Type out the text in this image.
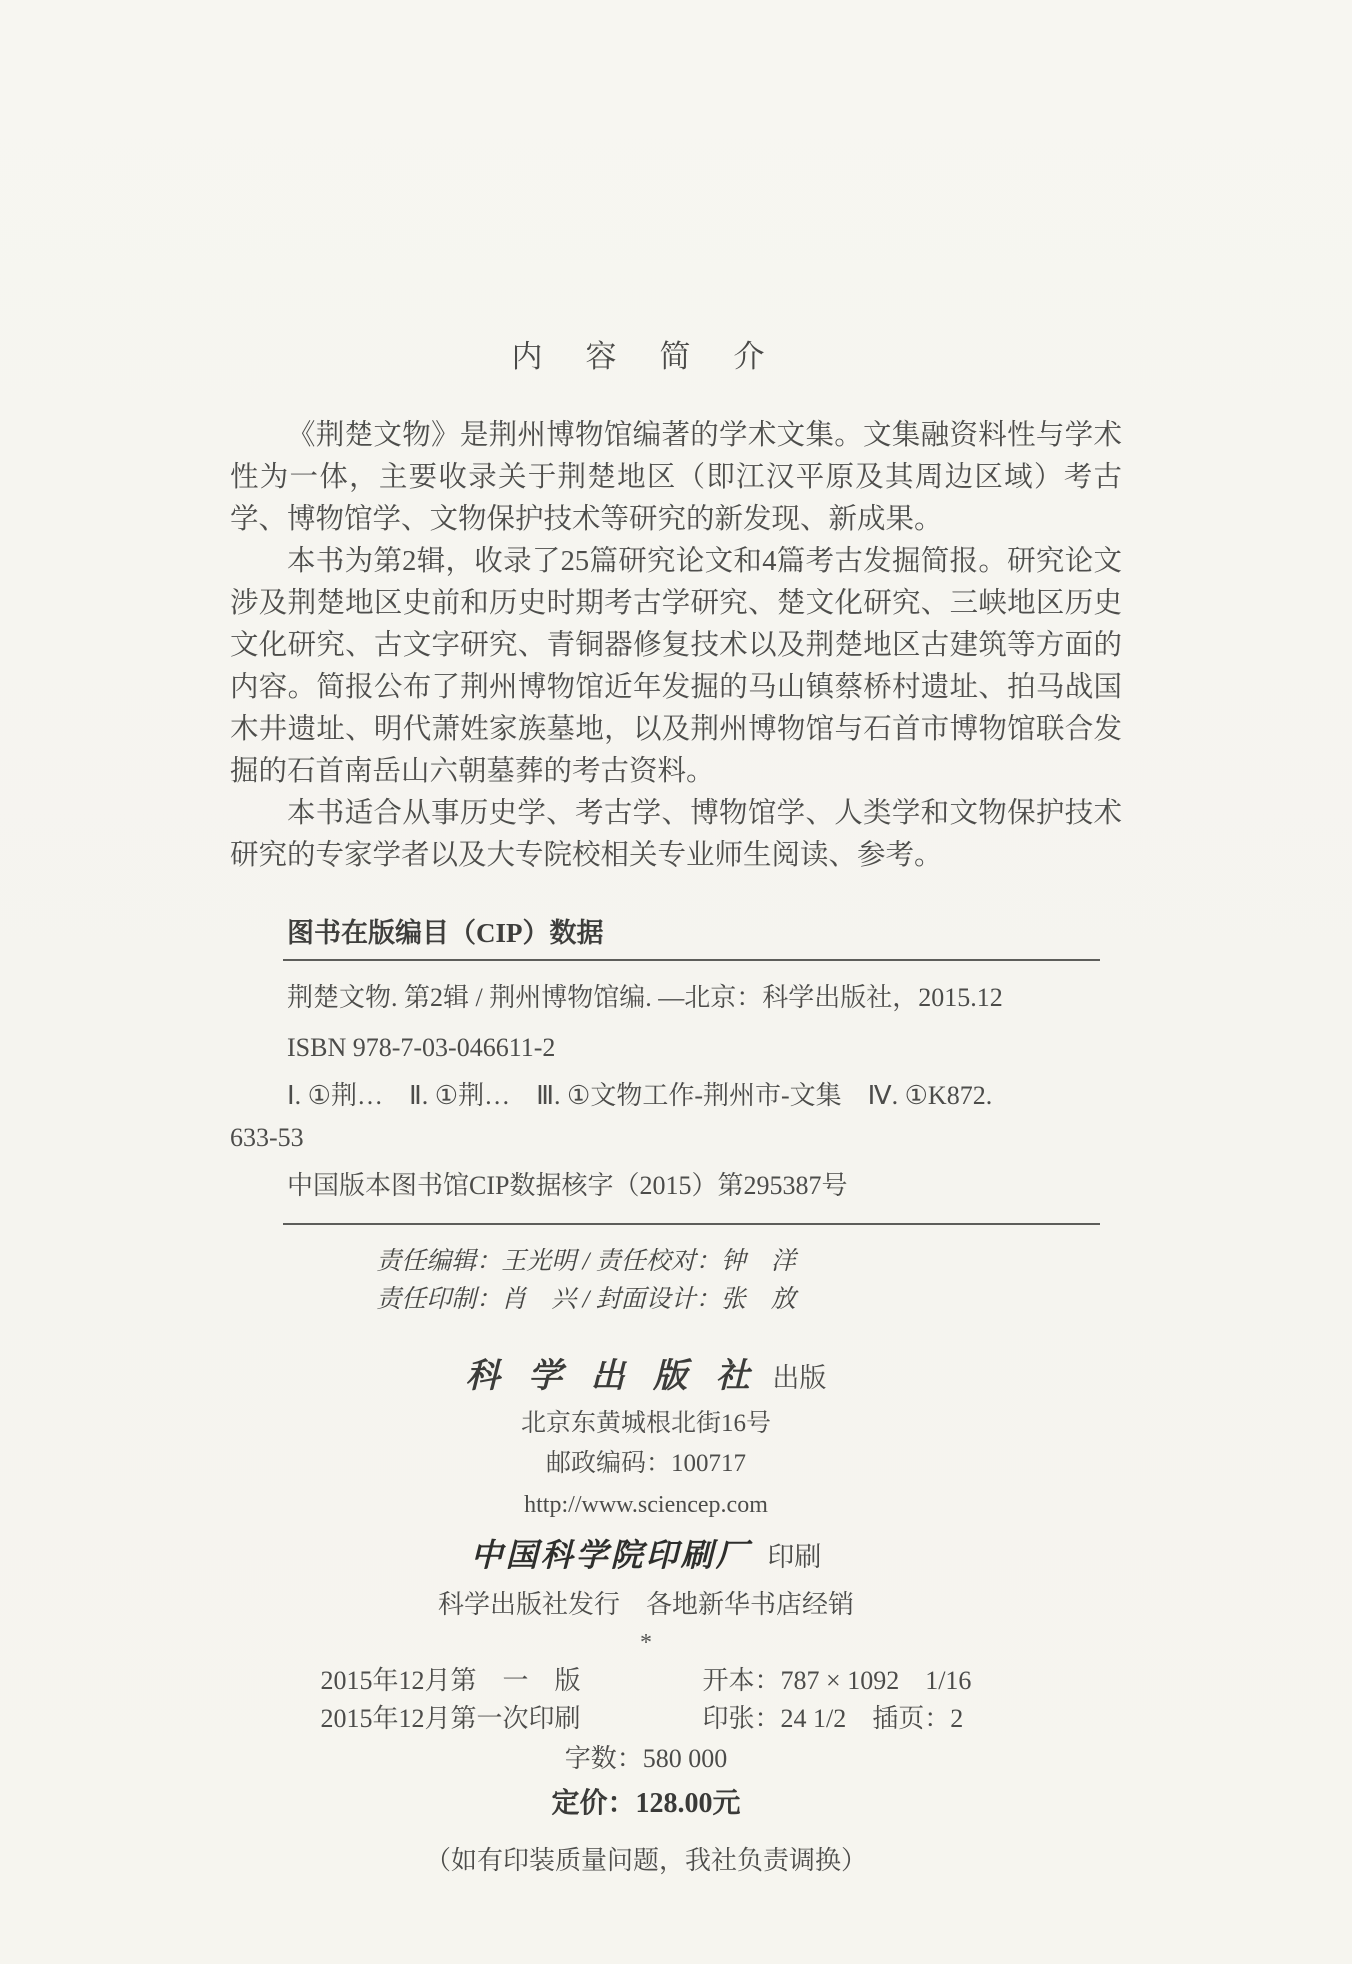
内　容　简　介

《荆楚文物》是荆州博物馆编著的学术文集。文集融资料性与学术性为一体，主要收录关于荆楚地区（即江汉平原及其周边区域）考古学、博物馆学、文物保护技术等研究的新发现、新成果。

本书为第2辑，收录了25篇研究论文和4篇考古发掘简报。研究论文涉及荆楚地区史前和历史时期考古学研究、楚文化研究、三峡地区历史文化研究、古文字研究、青铜器修复技术以及荆楚地区古建筑等方面的内容。简报公布了荆州博物馆近年发掘的马山镇蔡桥村遗址、拍马战国木井遗址、明代萧姓家族墓地，以及荆州博物馆与石首市博物馆联合发掘的石首南岳山六朝墓葬的考古资料。

本书适合从事历史学、考古学、博物馆学、人类学和文物保护技术研究的专家学者以及大专院校相关专业师生阅读、参考。

图书在版编目（CIP）数据
荆楚文物. 第2辑 / 荆州博物馆编. —北京：科学出版社，2015.12
ISBN 978-7-03-046611-2
Ⅰ. ①荆…　Ⅱ. ①荆…　Ⅲ. ①文物工作-荆州市-文集　Ⅳ. ①K872.
633-53
中国版本图书馆CIP数据核字（2015）第295387号
责任编辑：王光明 / 责任校对：钟　洋
责任印制：肖　兴 / 封面设计：张　放
科 学 出 版 社 出版
北京东黄城根北街16号
邮政编码：100717
http://www.sciencep.com
中国科学院印刷厂 印刷
科学出版社发行　各地新华书店经销
*
2015年12月第　一　版	开本：787 × 1092　1/16
2015年12月第一次印刷	印张：24 1/2　插页：2
字数：580 000
定价：128.00元
（如有印装质量问题，我社负责调换）
